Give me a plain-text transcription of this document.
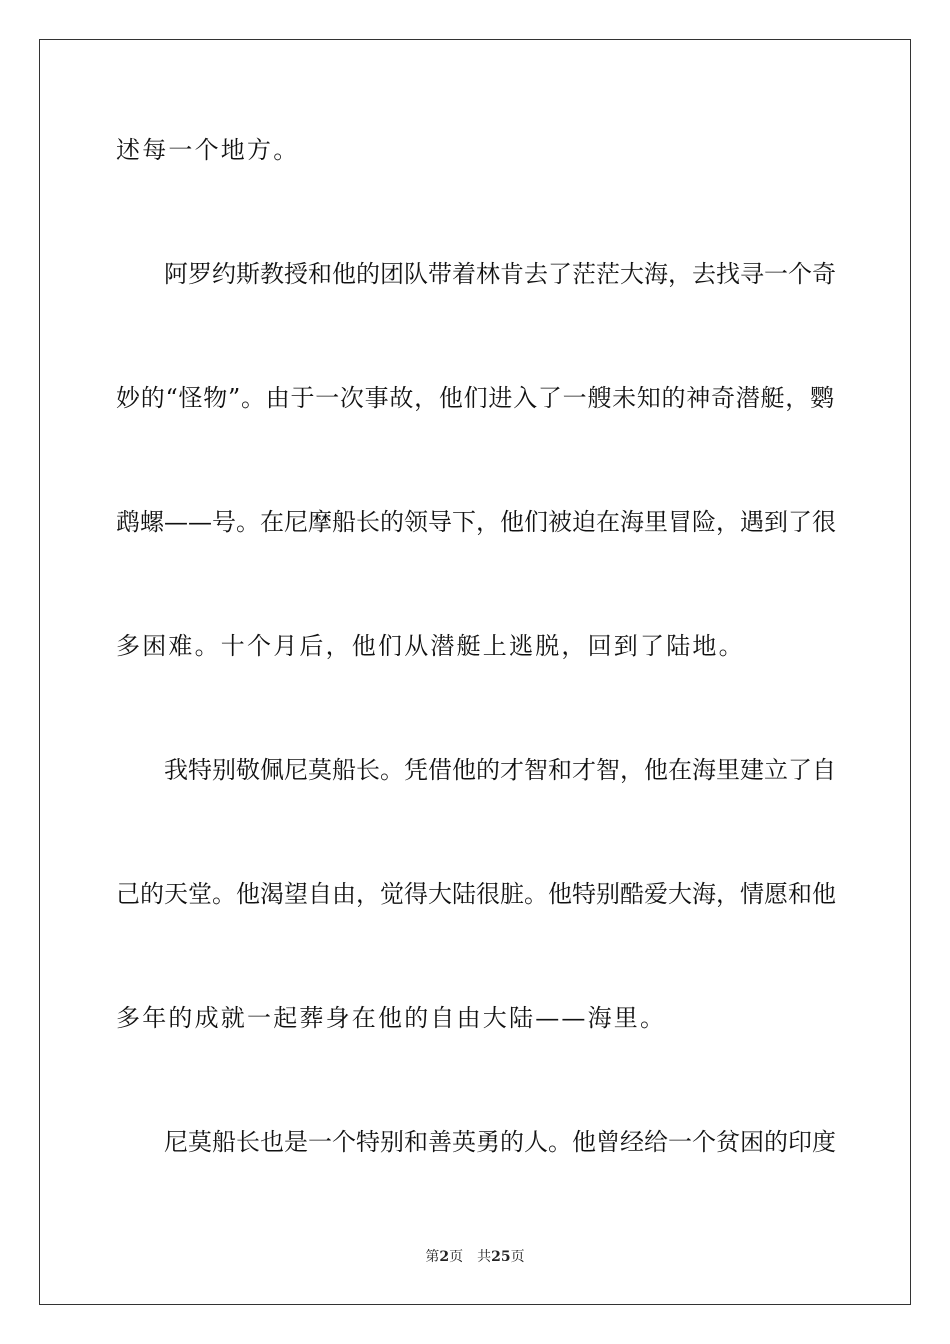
述每一个地方。
阿罗约斯教授和他的团队带着林肯去了茫茫大海，去找寻一个奇
妙的“怪物”。由于一次事故，他们进入了一艘未知的神奇潜艇，鹦
鹉螺——号。在尼摩船长的领导下，他们被迫在海里冒险，遇到了很
多困难。十个月后，他们从潜艇上逃脱，回到了陆地。
我特别敬佩尼莫船长。凭借他的才智和才智，他在海里建立了自
己的天堂。他渴望自由，觉得大陆很脏。他特别酷爱大海，情愿和他
多年的成就一起葬身在他的自由大陆——海里。
尼莫船长也是一个特别和善英勇的人。他曾经给一个贫困的印度
第2页 共25页
